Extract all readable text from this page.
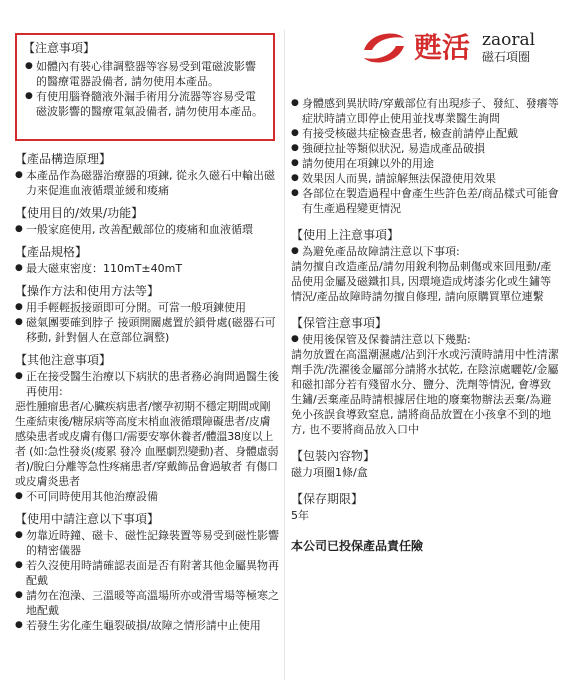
【注意事項】

● 如體內有裝心律調整器等容易受到電磁波影響的醫療電器設備者, 請勿使用本產品。

● 有使用腦脊髓液外漏手術用分流器等容易受電磁波影響的醫療電氣設備者, 請勿使用本產品。

甦活 zaoral
磁石項圈

【產品構造原理】

● 本產品作為磁器治療器的項鍊, 從永久磁石中輸出磁力來促進血液循環並緩和痠痛

【使用目的/效果/功能】

● 一般家庭使用, 改善配戴部位的痠痛和血液循環

【產品規格】

● 最大磁束密度：110mT±40mT

【操作方法和使用方法等】

● 用手輕輕扳接頭即可分開。可當一般項鍊使用

● 磁氣團要確到脖子 接頭開關處置於鎖骨處(磁器石可移動, 針對個人在意部位調整)

【其他注意事項】

● 正在接受醫生治療以下病狀的患者務必詢問過醫生後再使用:

惡性腫瘤患者/心臟疾病患者/懷孕初期不穩定期間或剛生產結束後/糖尿病等高度末梢血液循環障礙患者/皮膚感染患者或皮膚有傷口/需要安寧休養者/體溫38度以上者 (如:急性發炎(痠累 發冷 血壓劇烈變動)者、身體虛弱者)/脫臼分離等急性疼痛患者/穿戴飾品會過敏者 有傷口或皮膚炎患者

● 不可同時使用其他治療設備

【使用中請注意以下事項】

● 勿靠近時鐘、磁卡、磁性記錄裝置等易受到磁性影響的精密儀器

● 若久沒使用時請確認表面是否有附著其他金屬異物再配戴

● 請勿在泡澡、三溫暖等高溫場所亦或滑雪場等極寒之地配戴

● 若發生劣化產生龜裂破損/故障之情形請中止使用

● 身體感到異狀時/穿戴部位有出現疹子、發紅、發癢等症狀時請立即停止使用並找專業醫生詢問

● 有接受核磁共症檢查患者, 檢查前請停止配戴

● 強硬拉扯等類似狀況, 易造成產品破損

● 請勿使用在項鍊以外的用途

● 效果因人而異, 請諒解無法保證使用效果

● 各部位在製造過程中會產生些許色差/商品樣式可能會有生產過程變更情況

【使用上注意事項】

● 為避免產品故障請注意以下事項:

請勿擅自改造產品/請勿用銳利物品刺傷或來回甩動/產品使用金屬及磁鐵扣具, 因環境造成烤漆劣化或生鏽等情況/產品故障時請勿擅自修理, 請向原購買單位連繫

【保管注意事項】

● 使用後保管及保養請注意以下幾點:

請勿放置在高溫潮濕處/沾到汗水或污漬時請用中性清潔劑手洗/洗濯後金屬部分請將水拭乾, 在陰涼處曬乾/金屬和磁扣部分若有殘留水分、鹽分、洗劑等情況, 會導致生鏽/丟棄產品時請根據居住地的廢棄物辦法丟棄/為避免小孩誤食導致窒息, 請將商品放置在小孩拿不到的地方, 也不要將商品放入口中

【包裝內容物】

磁力項圈1條/盒

【保存期限】

5年

本公司已投保產品責任險
